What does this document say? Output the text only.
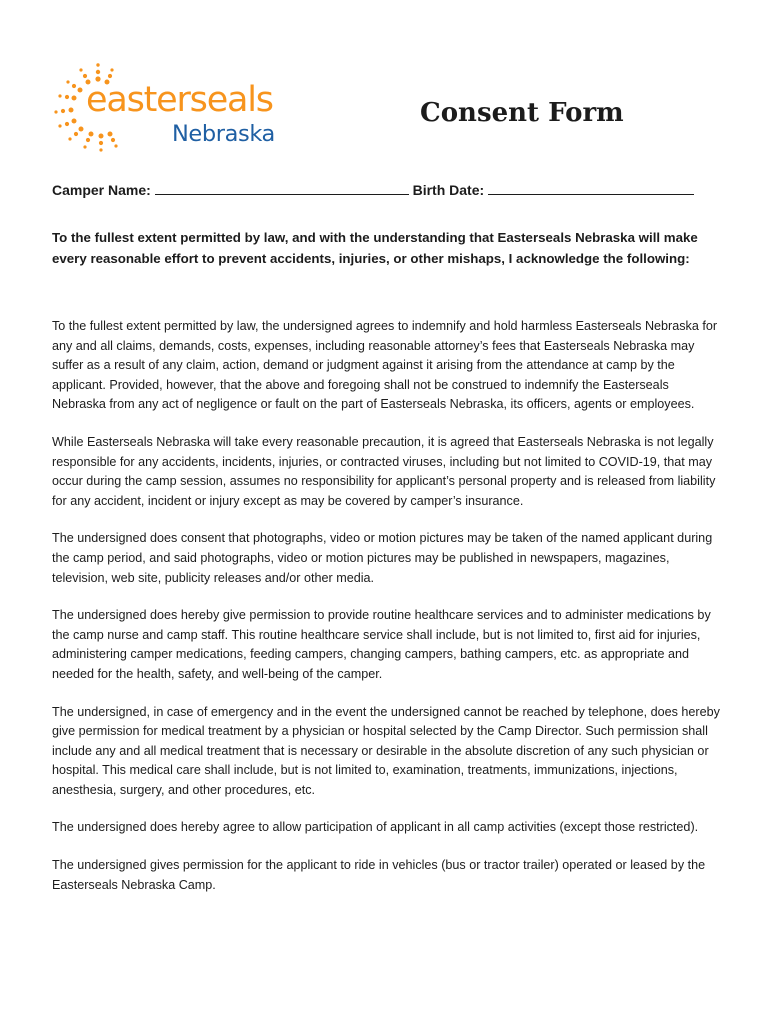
easterseals
Nebraska
Consent Form
Camper Name:	Birth Date:
To the fullest extent permitted by law, and with the understanding that Easterseals Nebraska will make every reasonable effort to prevent accidents, injuries, or other mishaps, I acknowledge the following:

To the fullest extent permitted by law, the undersigned agrees to indemnify and hold harmless Easterseals Nebraska for any and all claims, demands, costs, expenses, including reasonable attorney’s fees that Easterseals Nebraska may suffer as a result of any claim, action, demand or judgment against it arising from the attendance at camp by the applicant. Provided, however, that the above and foregoing shall not be construed to indemnify the Easterseals Nebraska from any act of negligence or fault on the part of Easterseals Nebraska, its officers, agents or employees.

While Easterseals Nebraska will take every reasonable precaution, it is agreed that Easterseals Nebraska is not legally responsible for any accidents, incidents, injuries, or contracted viruses, including but not limited to COVID-19, that may occur during the camp session, assumes no responsibility for applicant’s personal property and is released from liability for any accident, incident or injury except as may be covered by camper’s insurance.

The undersigned does consent that photographs, video or motion pictures may be taken of the named applicant during the camp period, and said photographs, video or motion pictures may be published in newspapers, magazines, television, web site, publicity releases and/or other media.

The undersigned does hereby give permission to provide routine healthcare services and to administer medications by the camp nurse and camp staff. This routine healthcare service shall include, but is not limited to, first aid for injuries, administering camper medications, feeding campers, changing campers, bathing campers, etc. as appropriate and needed for the health, safety, and well-being of the camper.

The undersigned, in case of emergency and in the event the undersigned cannot be reached by telephone, does hereby give permission for medical treatment by a physician or hospital selected by the Camp Director. Such permission shall include any and all medical treatment that is necessary or desirable in the absolute discretion of any such physician or hospital. This medical care shall include, but is not limited to, examination, treatments, immunizations, injections, anesthesia, surgery, and other procedures, etc.

The undersigned does hereby agree to allow participation of applicant in all camp activities (except those restricted).

The undersigned gives permission for the applicant to ride in vehicles (bus or tractor trailer) operated or leased by the Easterseals Nebraska Camp.
